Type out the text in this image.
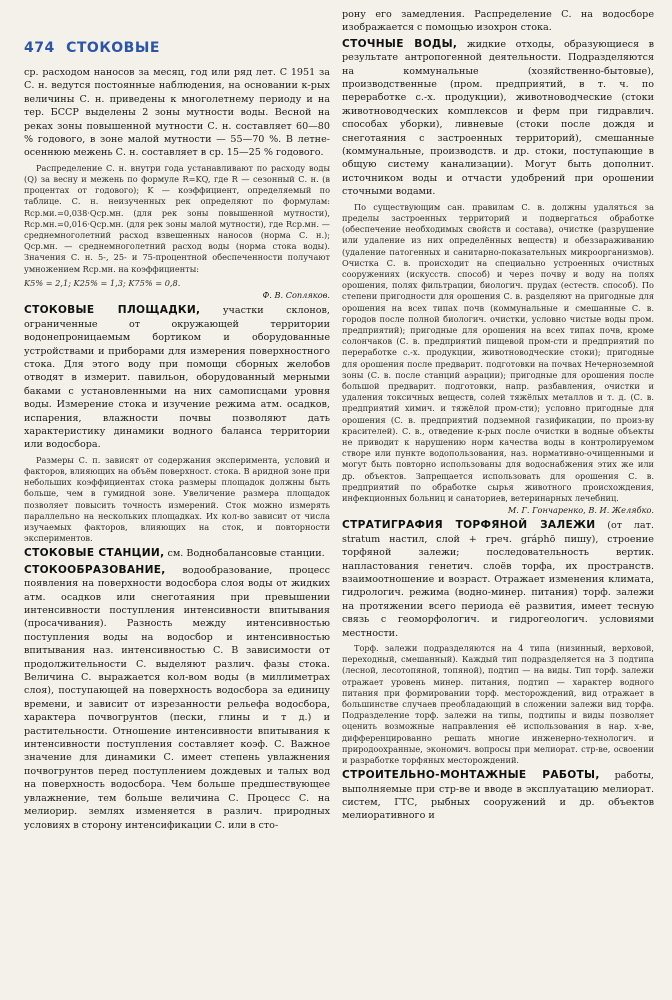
474 СТОКОВЫЕ

ср. расходом наносов за месяц, год или ряд лет. С 1951 за С. н. ведутся постоянные наблюдения, на основании к-рых величины С. н. приведены к многолетнему периоду и на тер. БССР выделены 2 зоны мутности воды. Весной на реках зоны повышенной мутности С. н. составляет 60—80 % годового, в зоне малой мутности — 55—70 %. В летне-осеннюю межень С. н. составляет в ср. 15—25 % годового.

Распределение С. н. внутри года устанавливают по расходу воды (Q) за весну и межень по формуле R=KQ, где R — сезонный С. н. (в процентах от годового); K — коэффициент, определяемый по таблице. С. н. неизученных рек определяют по формулам: Rср.ми.=0,038·Qср.мн. (для рек зоны повышенной мутности), Rср.мн.=0,016·Qср.мн. (для рек зоны малой мутности), где Rср.мн. — среднемноголетний расход взвешенных наносов (норма С. н.); Qср.мн. — среднемноголетний расход воды (норма стока воды). Значения С. н. 5-, 25- и 75-процентной обеспеченности получают умножением Rср.мн. на коэффициенты:

K5% = 2,1; K25% = 1,3; K75% = 0,8.

Ф. В. Сопляков.

СТОКОВЫЕ ПЛОЩАДКИ, участки склонов, ограниченные от окружающей территории водонепроницаемым бортиком и оборудованные устройствами и приборами для измерения поверхностного стока. Для этого воду при помощи сборных желобов отводят в измерит. павильон, оборудованный мерными баками с установленными на них самописцами уровня воды. Измерение стока и изучение режима атм. осадков, испарения, влажности почвы позволяют дать характеристику динамики водного баланса территории или водосбора.

Размеры С. п. зависят от содержания эксперимента, условий и факторов, влияющих на объём поверхност. стока. В аридной зоне при небольших коэффициентах стока размеры площадок должны быть больше, чем в гумидной зоне. Увеличение размера площадок позволяет повысить точность измерений. Сток можно измерять параллельно на нескольких площадках. Их кол-во зависит от числа изучаемых факторов, влияющих на сток, и повторности экспериментов.

СТОКОВЫЕ СТАНЦИИ, см. Воднобалансовые станции.

СТОКООБРАЗОВАНИЕ, водообразование, процесс появления на поверхности водосбора слоя воды от жидких атм. осадков или снеготаяния при превышении интенсивности поступления интенсивности впитывания (просачивания). Разность между интенсивностью поступления воды на водосбор и интенсивностью впитывания наз. интенсивностью С. В зависимости от продолжительности С. выделяют различ. фазы стока. Величина С. выражается кол-вом воды (в миллиметрах слоя), поступающей на поверхность водосбора за единицу времени, и зависит от изрезанности рельефа водосбора, характера почвогрунтов (пески, глины и т д.) и растительности. Отношение интенсивности впитывания к интенсивности поступления составляет коэф. С. Важное значение для динамики С. имеет степень увлажнения почвогрунтов перед поступлением дождевых и талых вод на поверхность водосбора. Чем больше предшествующее увлажнение, тем больше величина С. Процесс С. на мелиорир. землях изменяется в различ. природных условиях в сторону интенсификации С. или в сто-

рону его замедления. Распределение С. на водосборе изображается с помощью изохрон стока.

СТОЧНЫЕ ВОДЫ, жидкие отходы, образующиеся в результате антропогенной деятельности. Подразделяются на коммунальные (хозяйственно-бытовые), производственные (пром. предприятий, в т. ч. по переработке с.-х. продукции), животноводческие (стоки животноводческих комплексов и ферм при гидравлич. способах уборки), ливневые (стоки после дождя и снеготаяния с застроенных территорий), смешанные (коммунальные, производств. и др. стоки, поступающие в общую систему канализации). Могут быть дополнит. источником воды и отчасти удобрений при орошении сточными водами.

По существующим сан. правилам С. в. должны удаляться за пределы застроенных территорий и подвергаться обработке (обеспечение необходимых свойств и состава), очистке (разрушение или удаление из них определённых веществ) и обеззараживанию (удаление патогенных и санитарно-показательных микроорганизмов). Очистка С. в. происходит на специально устроенных очистных сооружениях (искусств. способ) и через почву и воду на полях орошения, полях фильтрации, биологич. прудах (естеств. способ). По степени пригодности для орошения С. в. разделяют на пригодные для орошения на всех типах почв (коммунальные и смешанные С. в. городов после полной биологич. очистки, условно чистые воды пром. предприятий); пригодные для орошения на всех типах почв, кроме солончаков (С. в. предприятий пищевой пром-сти и предприятий по переработке с.-х. продукции, животноводческие стоки); пригодные для орошения после предварит. подготовки на почвах Нечерноземной зоны (С. в. после станций аэрации); пригодные для орошения после большой предварит. подготовки, напр. разбавления, очистки и удаления токсичных веществ, солей тяжёлых металлов и т. д. (С. в. предприятий химич. и тяжёлой пром-сти); условно пригодные для орошения (С. в. предприятий подземной газификации, по произ-ву красителей). С. в., отведение к-рых после очистки в водные объекты не приводит к нарушению норм качества воды в контролируемом створе или пункте водопользования, наз. нормативно-очищенными и могут быть повторно использованы для водоснабжения этих же или др. объектов. Запрещается использовать для орошения С. в. предприятий по обработке сырья животного происхождения, инфекционных больниц и санаториев, ветеринарных лечебниц.

М. Г. Гончаренко, В. И. Желябко.

СТРАТИГРАФИЯ ТОРФЯНОЙ ЗАЛЕЖИ (от лат. stratum настил, слой + греч. gráphō пишу), строение торфяной залежи; последовательность вертик. напластования генетич. слоёв торфа, их пространств. взаимоотношение и возраст. Отражает изменения климата, гидрологич. режима (водно-минер. питания) торф. залежи на протяжении всего периода её развития, имеет тесную связь с геоморфологич. и гидрогеологич. условиями местности.

Торф. залежи подразделяются на 4 типа (низинный, верховой, переходный, смешанный). Каждый тип подразделяется на 3 подтипа (лесной, лесотопяной, топяной), подтип — на виды. Тип торф. залежи отражает уровень минер. питания, подтип — характер водного питания при формировании торф. месторождений, вид отражает в большинстве случаев преобладающий в сложении залежи вид торфа. Подразделение торф. залежи на типы, подтипы и виды позволяет оценить возможные направления её использования в нар. х-ве, дифференцированно решать многие инженерно-технологич. и природоохранные, экономич. вопросы при мелиорат. стр-ве, освоении и разработке торфяных месторождений.

СТРОИТЕЛЬНО-МОНТАЖНЫЕ РАБОТЫ, работы, выполняемые при стр-ве и вводе в эксплуатацию мелиорат. систем, ГТС, рыбных сооружений и др. объектов мелиоративного и
